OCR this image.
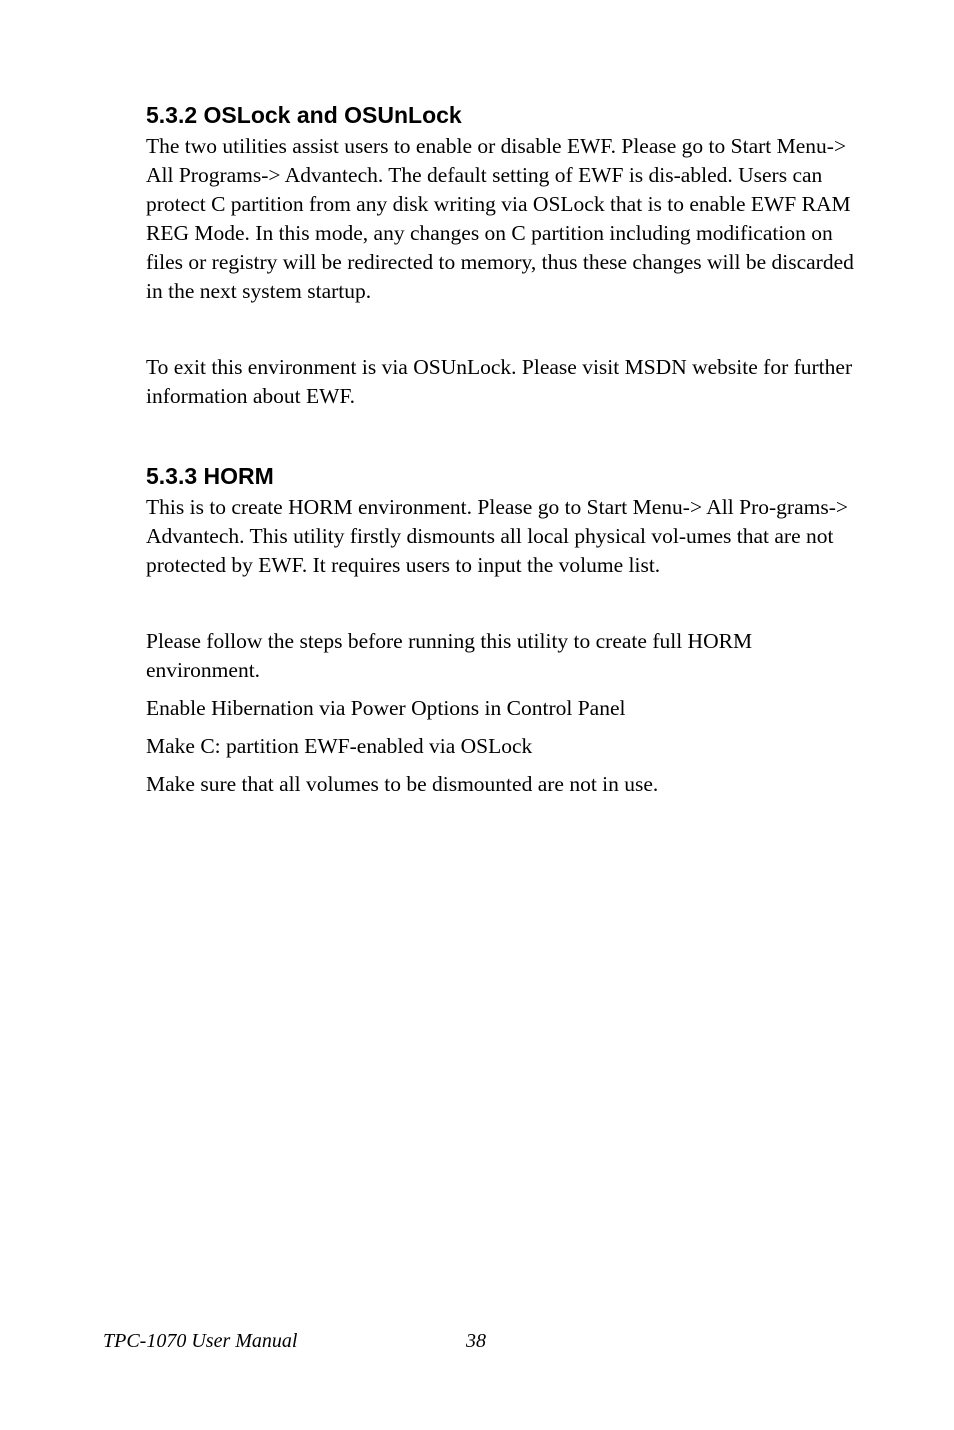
5.3.2 OSLock and OSUnLock

The two utilities assist users to enable or disable EWF. Please go to Start Menu-> All Programs-> Advantech. The default setting of EWF is dis-abled. Users can protect C partition from any disk writing via OSLock that is to enable EWF RAM REG Mode. In this mode, any changes on C partition including modification on files or registry will be redirected to memory, thus these changes will be discarded in the next system startup.

To exit this environment is via OSUnLock. Please visit MSDN website for further information about EWF.

5.3.3 HORM

This is to create HORM environment. Please go to Start Menu-> All Pro-grams-> Advantech. This utility firstly dismounts all local physical vol-umes that are not protected by EWF. It requires users to input the volume list.

Please follow the steps before running this utility to create full HORM environment.

Enable Hibernation via Power Options in Control Panel

Make C: partition EWF-enabled via OSLock

Make sure that all volumes to be dismounted are not in use.

TPC-1070 User Manual	38
